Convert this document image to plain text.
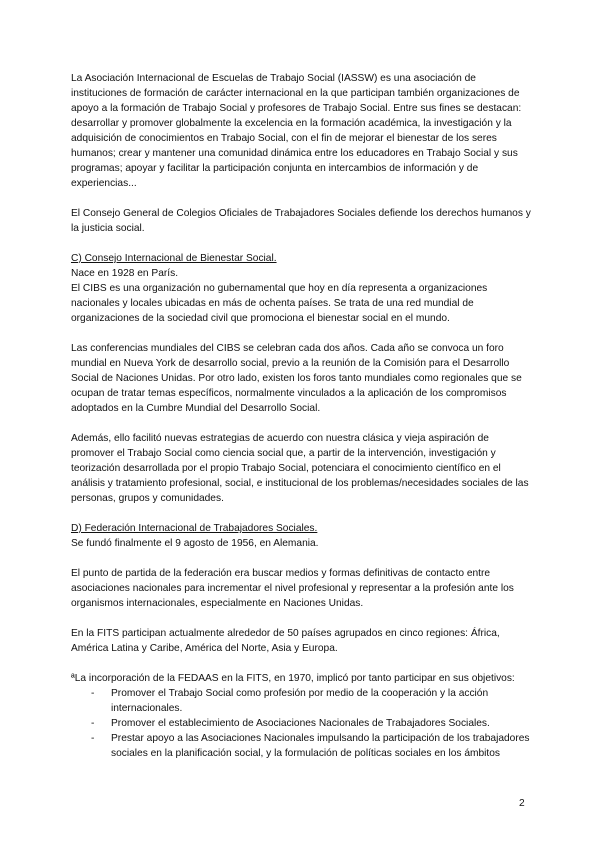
La Asociación Internacional de Escuelas de Trabajo Social (IASSW) es una asociación de instituciones de formación de carácter internacional en la que participan también organizaciones de apoyo a la formación de Trabajo Social y profesores de Trabajo Social. Entre sus fines se destacan: desarrollar y promover globalmente la excelencia en la formación académica, la investigación y la adquisición de conocimientos en Trabajo Social, con el fin de mejorar el bienestar de los seres humanos; crear y mantener una comunidad dinámica entre los educadores en Trabajo Social y sus programas; apoyar y facilitar la participación conjunta en intercambios de información y de experiencias...

El Consejo General de Colegios Oficiales de Trabajadores Sociales defiende los derechos humanos y la justicia social.

C) Consejo Internacional de Bienestar Social.

Nace en 1928 en París.

El CIBS es una organización no gubernamental que hoy en día representa a organizaciones nacionales y locales ubicadas en más de ochenta países. Se trata de una red mundial de organizaciones de la sociedad civil que promociona el bienestar social en el mundo.

Las conferencias mundiales del CIBS se celebran cada dos años. Cada año se convoca un foro mundial en Nueva York de desarrollo social, previo a la reunión de la Comisión para el Desarrollo Social de Naciones Unidas. Por otro lado, existen los foros tanto mundiales como regionales que se ocupan de tratar temas específicos, normalmente vinculados a la aplicación de los compromisos adoptados en la Cumbre Mundial del Desarrollo Social.

Además, ello facilitó nuevas estrategias de acuerdo con nuestra clásica y vieja aspiración de promover el Trabajo Social como ciencia social que, a partir de la intervención, investigación y teorización desarrollada por el propio Trabajo Social, potenciara el conocimiento científico en el análisis y tratamiento profesional, social, e institucional de los problemas/necesidades sociales de las personas, grupos y comunidades.

D) Federación Internacional de Trabajadores Sociales.

Se fundó finalmente el 9 agosto de 1956, en Alemania.

El punto de partida de la federación era buscar medios y formas definitivas de contacto entre asociaciones nacionales para incrementar el nivel profesional y representar a la profesión ante los organismos internacionales, especialmente en Naciones Unidas.

En la FITS participan actualmente alrededor de 50 países agrupados en cinco regiones: África, América Latina y Caribe, América del Norte, Asia y Europa.

ªLa incorporación de la FEDAAS en la FITS, en 1970, implicó por tanto participar en sus objetivos:

- Promover el Trabajo Social como profesión por medio de la cooperación y la acción internacionales.
- Promover el establecimiento de Asociaciones Nacionales de Trabajadores Sociales.
- Prestar apoyo a las Asociaciones Nacionales impulsando la participación de los trabajadores sociales en la planificación social, y la formulación de políticas sociales en los ámbitos
2
